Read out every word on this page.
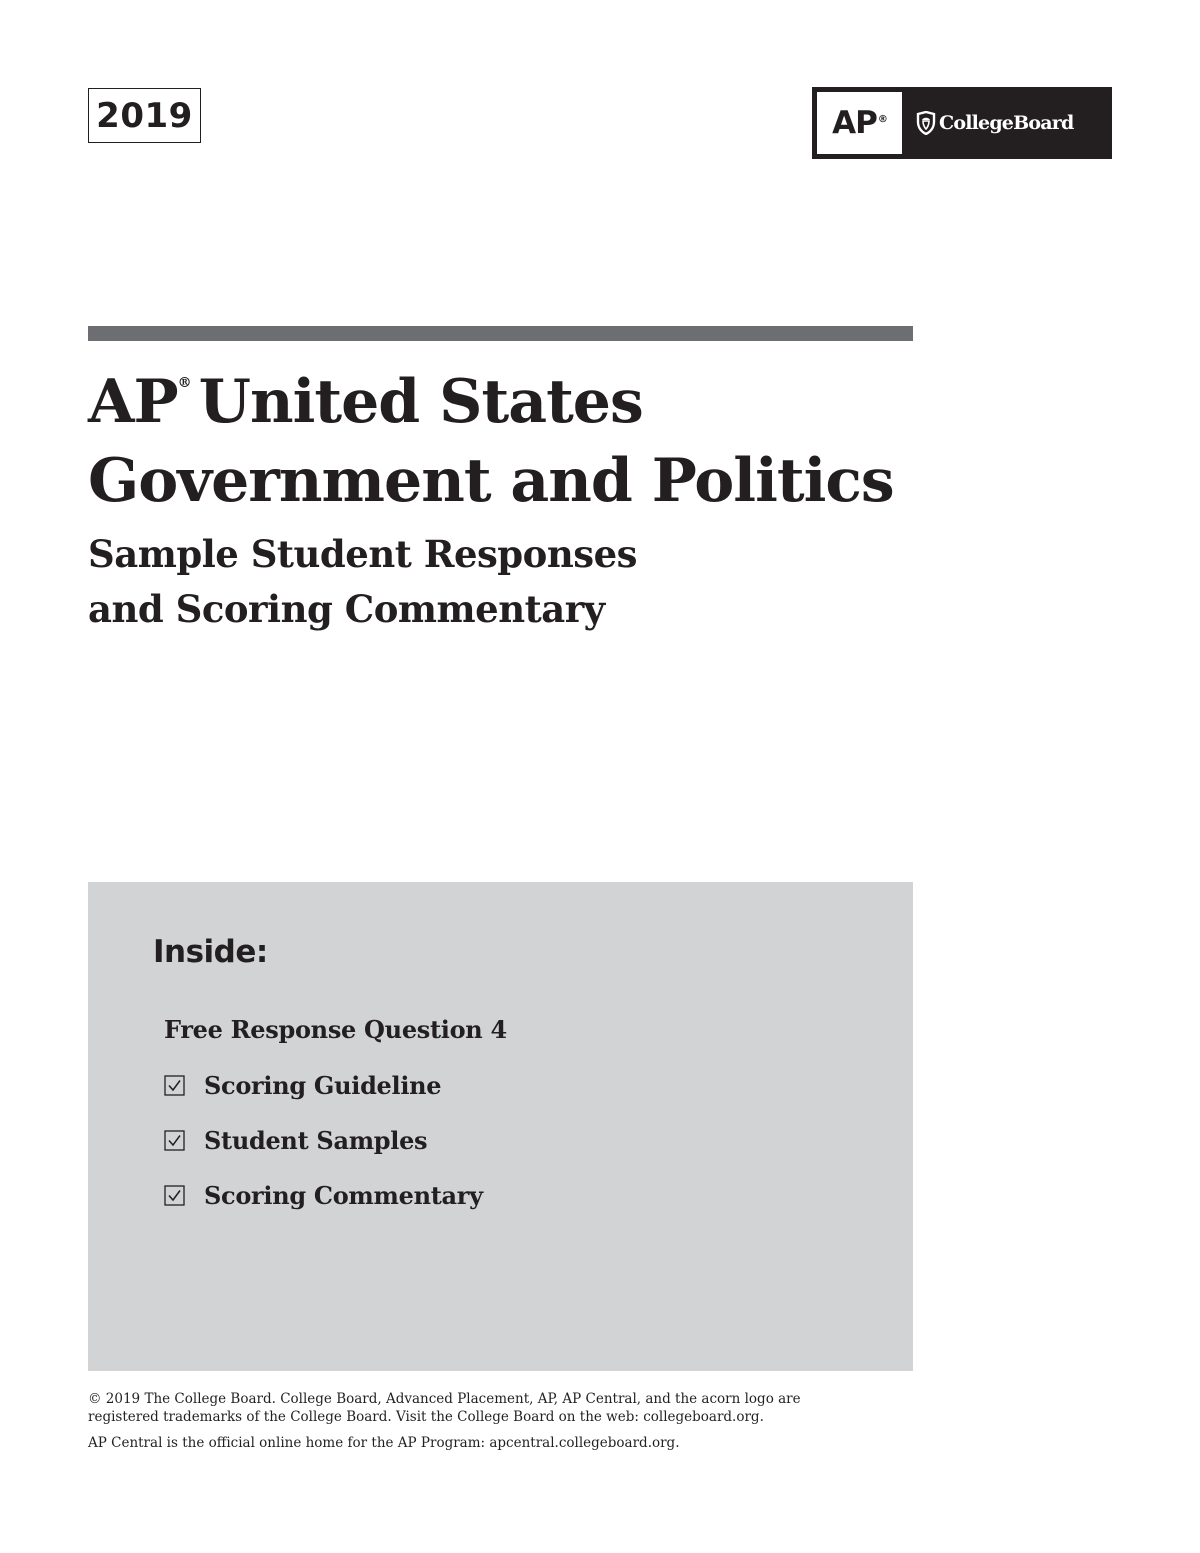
2019	AP®	CollegeBoard
AP® United States
Government and Politics
Sample Student Responses
and Scoring Commentary
Inside:
Free Response Question 4
Scoring Guideline
Student Samples
Scoring Commentary

© 2019 The College Board. College Board, Advanced Placement, AP, AP Central, and the acorn logo are

registered trademarks of the College Board. Visit the College Board on the web: collegeboard.org.

AP Central is the official online home for the AP Program: apcentral.collegeboard.org.
